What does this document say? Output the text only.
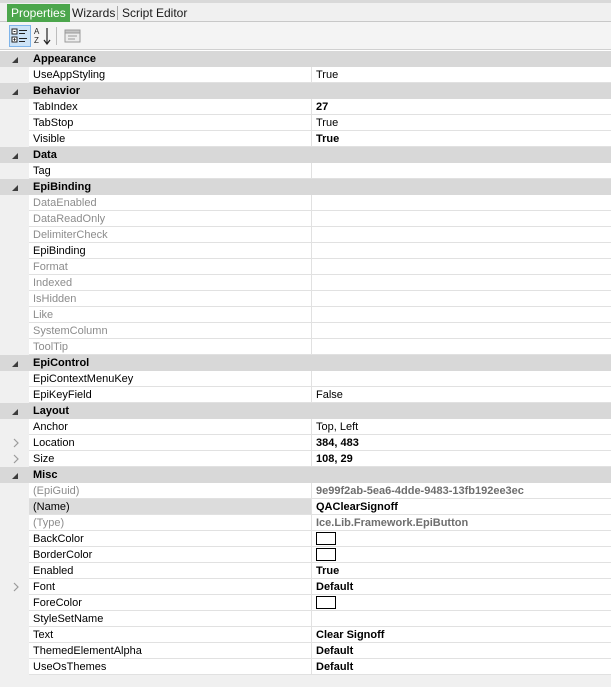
Properties Wizards Script Editor
A
Z
Appearance
UseAppStyling	True
Behavior
TabIndex	27
TabStop	True
Visible	True
Data
Tag
EpiBinding
DataEnabled
DataReadOnly
DelimiterCheck
EpiBinding
Format
Indexed
IsHidden
Like
SystemColumn
ToolTip
EpiControl
EpiContextMenuKey
EpiKeyField	False
Layout
Anchor	Top, Left
Location	384, 483
Size	108, 29
Misc
(EpiGuid)	9e99f2ab-5ea6-4dde-9483-13fb192ee3ec
(Name)	QAClearSignoff
(Type)	Ice.Lib.Framework.EpiButton
BackColor
BorderColor
Enabled	True
Font	Default
ForeColor
StyleSetName
Text	Clear Signoff
ThemedElementAlpha	Default
UseOsThemes	Default
